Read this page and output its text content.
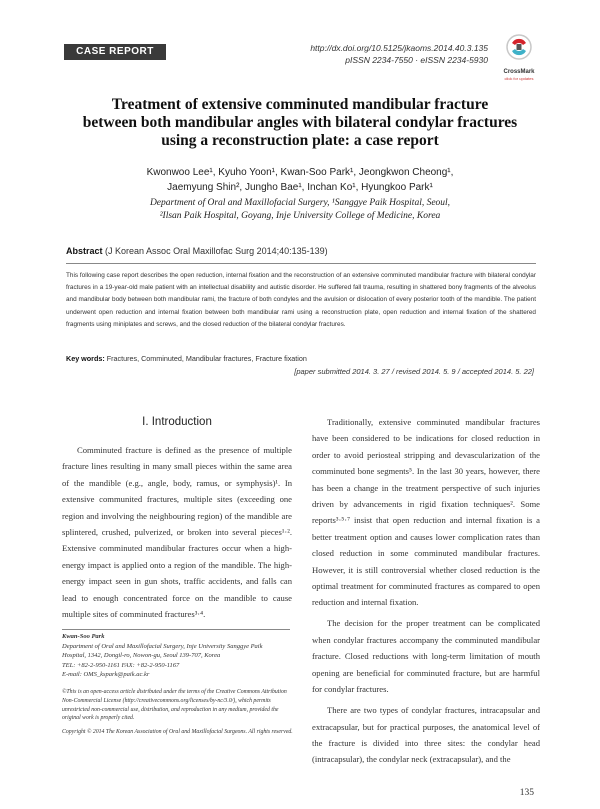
CASE REPORT	http://dx.doi.org/10.5125/jkaoms.2014.40.3.135
pISSN 2234-7550 · eISSN 2234-5930
CrossMark
click for updates
Treatment of extensive comminuted mandibular fracture
between both mandibular angles with bilateral condylar fractures
using a reconstruction plate: a case report
Kwonwoo Lee¹, Kyuho Yoon¹, Kwan-Soo Park¹, Jeongkwon Cheong¹,
Jaemyung Shin², Jungho Bae¹, Inchan Ko¹, Hyungkoo Park¹
Department of Oral and Maxillofacial Surgery, ¹Sanggye Paik Hospital, Seoul,
²Ilsan Paik Hospital, Goyang, Inje University College of Medicine, Korea
Abstract (J Korean Assoc Oral Maxillofac Surg 2014;40:135-139)
This following case report describes the open reduction, internal fixation and the reconstruction of an extensive comminuted mandibular fracture with bilateral condylar fractures in a 19-year-old male patient with an intellectual disability and autistic disorder. He suffered fall trauma, resulting in shattered bony fragments of the alveolus and mandibular body between both mandibular rami, the fracture of both condyles and the avulsion or dislocation of every posterior tooth of the mandible. The patient underwent open reduction and internal fixation between both mandibular rami using a reconstruction plate, open reduction and internal fixation of the shattered fragments using miniplates and screws, and the closed reduction of the bilateral condylar fractures.
Key words: Fractures, Comminuted, Mandibular fractures, Fracture fixation
[paper submitted 2014. 3. 27 / revised 2014. 5. 9 / accepted 2014. 5. 22]
I. Introduction

Comminuted fracture is defined as the presence of multiple fracture lines resulting in many small pieces within the same area of the mandible (e.g., angle, body, ramus, or symphysis)¹. In extensive communited fractures, multiple sites (exceeding one region and involving the neighbouring region) of the mandible are splintered, crushed, pulverized, or broken into several pieces¹·². Extensive comminuted mandibular fractures occur when a high-energy impact is applied onto a region of the mandible. The high-energy impact seen in gun shots, traffic accidents, and falls can lead to enough concentrated force on the mandible to cause multiple sites of comminuted fractures³·⁴.

Traditionally, extensive comminuted mandibular fractures have been considered to be indications for closed reduction in order to avoid periosteal stripping and devascularization of the comminuted bone segments⁵. In the last 30 years, however, there has been a change in the treatment perspective of such injuries driven by advancements in rigid fixation techniques². Some reports³·⁵·⁷ insist that open reduction and internal fixation is a better treatment option and causes lower complication rates than closed reduction in some comminuted mandibular fractures. However, it is still controversial whether closed reduction is the optimal treatment for comminuted fractures as compared to open reduction and internal fixation.

The decision for the proper treatment can be complicated when condylar fractures accompany the comminuted mandibular fracture. Closed reductions with long-term limitation of mouth opening are beneficial for comminuted fracture, but are harmful for condylar fractures.

There are two types of condylar fractures, intracapsular and extracapsular, but for practical purposes, the anatomical level of the fracture is divided into three sites: the condylar head (intracapsular), the condylar neck (extracapsular), and the

Kwan-Soo Park
Department of Oral and Maxillofacial Surgery, Inje University Sanggye Paik
Hospital, 1342, Dongil-ro, Nowon-gu, Seoul 139-707, Korea
TEL: +82-2-950-1161 FAX: +82-2-950-1167
E-mail: OMS_kspark@paik.ac.kr
©This is an open-access article distributed under the terms of the Creative Commons Attribution Non-Commercial License (http://creativecommons.org/licenses/by-nc/3.0/), which permits unrestricted non-commercial use, distribution, and reproduction in any medium, provided the original work is properly cited.
Copyright © 2014 The Korean Association of Oral and Maxillofacial Surgeons. All rights reserved.
135
